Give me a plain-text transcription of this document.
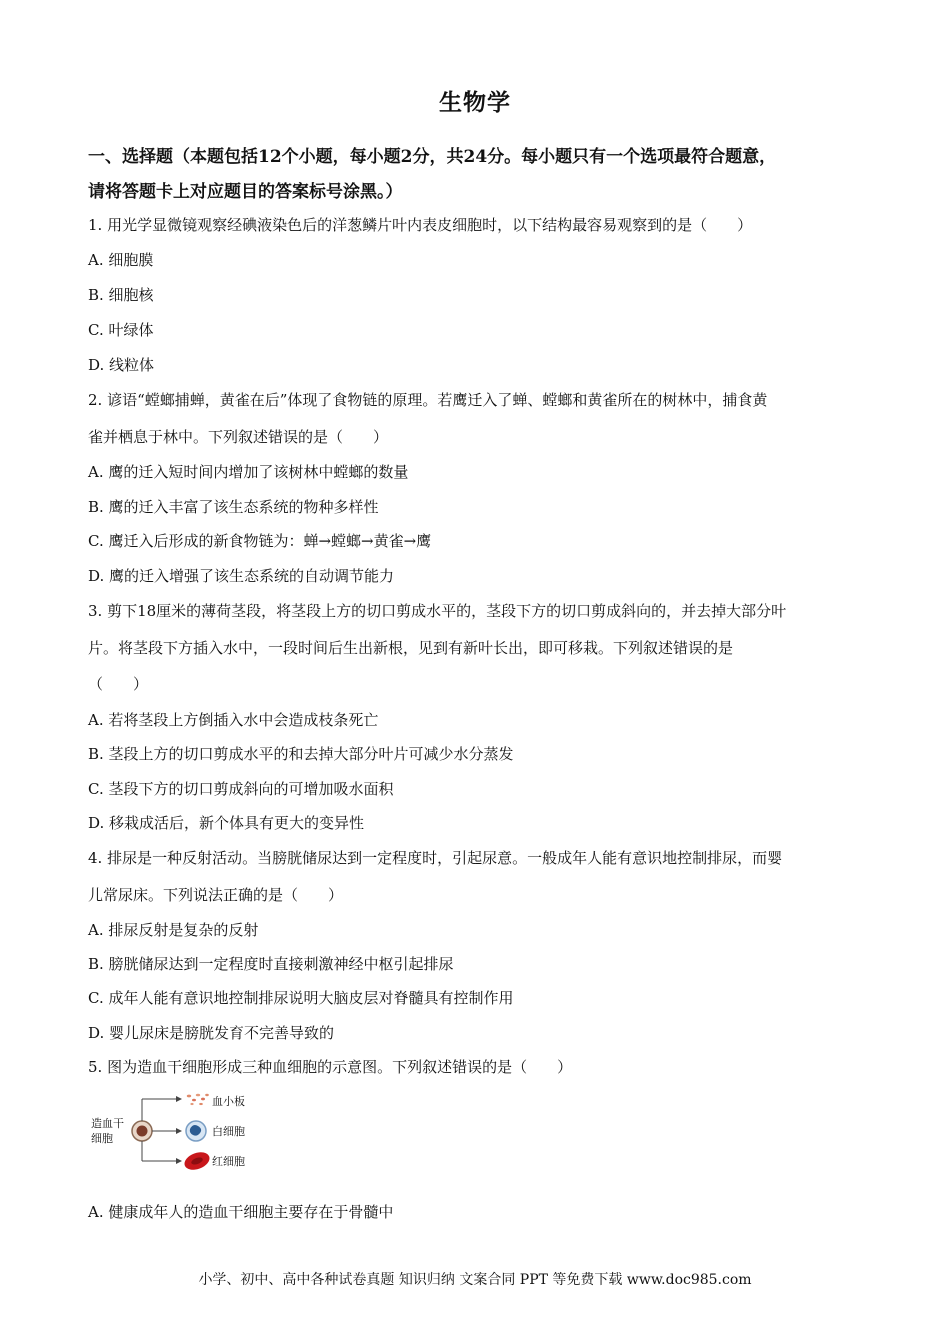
生物学
一、选择题（本题包括12个小题，每小题2分，共24分。每小题只有一个选项最符合题意，
请将答题卡上对应题目的答案标号涂黑。）
1. 用光学显微镜观察经碘液染色后的洋葱鳞片叶内表皮细胞时，以下结构最容易观察到的是（　　）
A. 细胞膜
B. 细胞核
C. 叶绿体
D. 线粒体
2. 谚语“螳螂捕蝉，黄雀在后”体现了食物链的原理。若鹰迁入了蝉、螳螂和黄雀所在的树林中，捕食黄
雀并栖息于林中。下列叙述错误的是（　　）
A. 鹰的迁入短时间内增加了该树林中螳螂的数量
B. 鹰的迁入丰富了该生态系统的物种多样性
C. 鹰迁入后形成的新食物链为：蝉→螳螂→黄雀→鹰
D. 鹰的迁入增强了该生态系统的自动调节能力
3. 剪下18厘米的薄荷茎段，将茎段上方的切口剪成水平的，茎段下方的切口剪成斜向的，并去掉大部分叶
片。将茎段下方插入水中，一段时间后生出新根，见到有新叶长出，即可移栽。下列叙述错误的是
（　　）
A. 若将茎段上方倒插入水中会造成枝条死亡
B. 茎段上方的切口剪成水平的和去掉大部分叶片可减少水分蒸发
C. 茎段下方的切口剪成斜向的可增加吸水面积
D. 移栽成活后，新个体具有更大的变异性
4. 排尿是一种反射活动。当膀胱储尿达到一定程度时，引起尿意。一般成年人能有意识地控制排尿，而婴
儿常尿床。下列说法正确的是（　　）
A. 排尿反射是复杂的反射
B. 膀胱储尿达到一定程度时直接刺激神经中枢引起排尿
C. 成年人能有意识地控制排尿说明大脑皮层对脊髓具有控制作用
D. 婴儿尿床是膀胱发育不完善导致的
5. 图为造血干细胞形成三种血细胞的示意图。下列叙述错误的是（　　）
造血干
细胞
血小板
白细胞
红细胞
A. 健康成年人的造血干细胞主要存在于骨髓中
小学、初中、高中各种试卷真题 知识归纳 文案合同 PPT 等免费下载 www.doc985.com
